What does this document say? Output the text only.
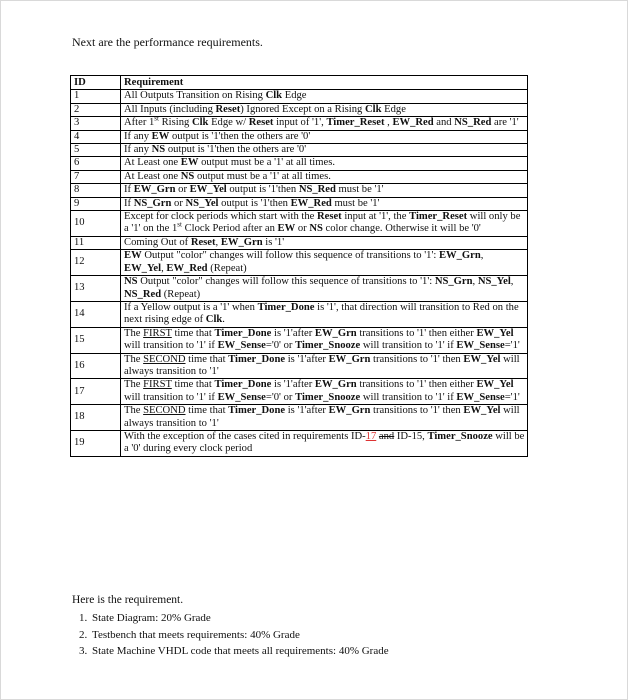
Next are the performance requirements.
ID	Requirement
1	All Outputs Transition on Rising Clk Edge
2	All Inputs (including Reset) Ignored Except on a Rising Clk Edge
3	After 1st Rising Clk Edge w/ Reset input of '1', Timer_Reset , EW_Red and NS_Red are '1'
4	If any EW output is '1'then the others are '0'
5	If any NS output is '1'then the others are '0'
6	At Least one EW output must be a '1' at all times.
7	At Least one NS output must be a '1' at all times.
8	If EW_Grn or EW_Yel output is '1'then NS_Red must be '1'
9	If NS_Grn or NS_Yel output is '1'then EW_Red must be '1'
10	Except for clock periods which start with the Reset input at '1', the Timer_Reset will only be a '1' on the 1st Clock Period after an EW or NS color change. Otherwise it will be '0'
11	Coming Out of Reset, EW_Grn is '1'
12	EW Output "color" changes will follow this sequence of transitions to '1': EW_Grn, EW_Yel, EW_Red (Repeat)
13	NS Output "color" changes will follow this sequence of transitions to '1': NS_Grn, NS_Yel, NS_Red (Repeat)
14	If a Yellow output is a '1' when Timer_Done is '1', that direction will transition to Red on the next rising edge of Clk.
15	The FIRST time that Timer_Done is '1'after EW_Grn transitions to '1' then either EW_Yel will transition to '1' if EW_Sense='0' or Timer_Snooze will transition to '1' if EW_Sense='1'
16	The SECOND time that Timer_Done is '1'after EW_Grn transitions to '1' then EW_Yel will always transition to '1'
17	The FIRST time that Timer_Done is '1'after EW_Grn transitions to '1' then either EW_Yel will transition to '1' if EW_Sense='0' or Timer_Snooze will transition to '1' if EW_Sense='1'
18	The SECOND time that Timer_Done is '1'after EW_Grn transitions to '1' then EW_Yel will always transition to '1'
19	With the exception of the cases cited in requirements ID-17 and ID-15, Timer_Snooze will be a '0' during every clock period
Here is the requirement.
1. State Diagram: 20% Grade
2. Testbench that meets requirements: 40% Grade
3. State Machine VHDL code that meets all requirements: 40% Grade
